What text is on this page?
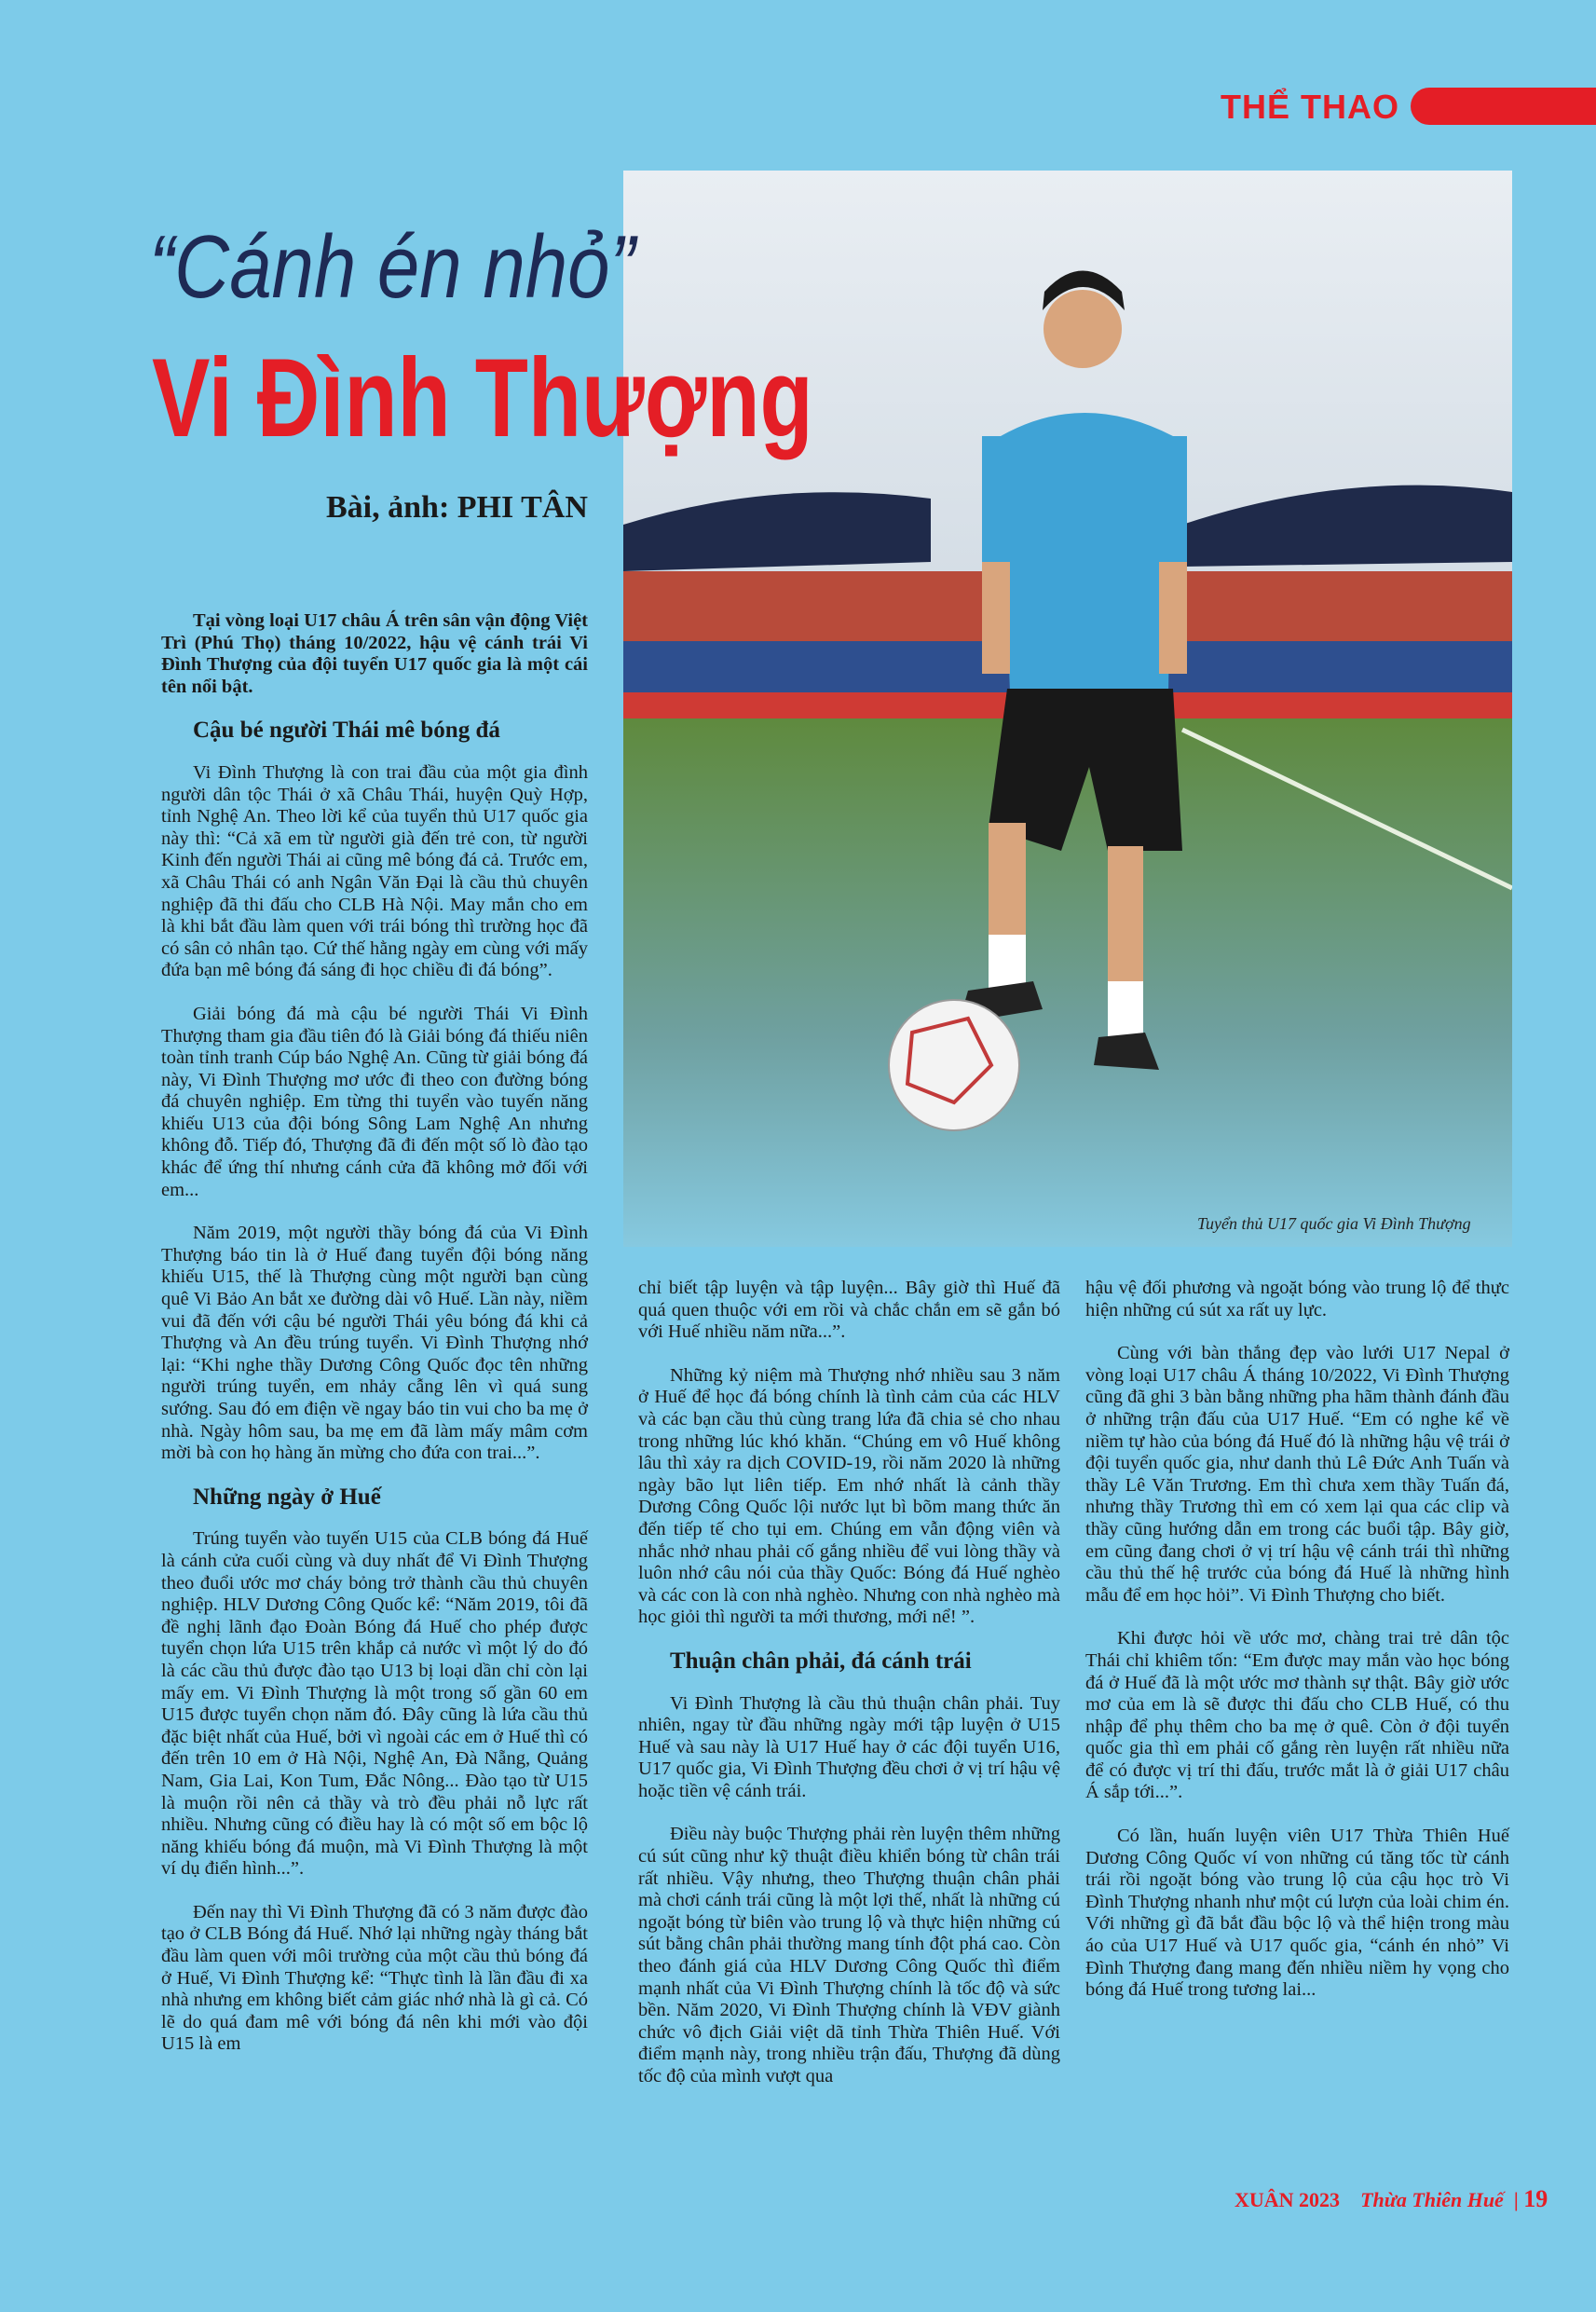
THỂ THAO
Tuyển thủ U17 quốc gia Vi Đình Thượng
“Cánh én nhỏ”
Vi Đình Thượng
Bài, ảnh: PHI TÂN

Tại vòng loại U17 châu Á trên sân vận động Việt Trì (Phú Thọ) tháng 10/2022, hậu vệ cánh trái Vi Đình Thượng của đội tuyển U17 quốc gia là một cái tên nổi bật.

Cậu bé người Thái mê bóng đá

Vi Đình Thượng là con trai đầu của một gia đình người dân tộc Thái ở xã Châu Thái, huyện Quỳ Hợp, tỉnh Nghệ An. Theo lời kể của tuyển thủ U17 quốc gia này thì: “Cả xã em từ người già đến trẻ con, từ người Kinh đến người Thái ai cũng mê bóng đá cả. Trước em, xã Châu Thái có anh Ngân Văn Đại là cầu thủ chuyên nghiệp đã thi đấu cho CLB Hà Nội. May mắn cho em là khi bắt đầu làm quen với trái bóng thì trường học đã có sân cỏ nhân tạo. Cứ thế hằng ngày em cùng với mấy đứa bạn mê bóng đá sáng đi học chiều đi đá bóng”.

Giải bóng đá mà cậu bé người Thái Vi Đình Thượng tham gia đầu tiên đó là Giải bóng đá thiếu niên toàn tỉnh tranh Cúp báo Nghệ An. Cũng từ giải bóng đá này, Vi Đình Thượng mơ ước đi theo con đường bóng đá chuyên nghiệp. Em từng thi tuyển vào tuyến năng khiếu U13 của đội bóng Sông Lam Nghệ An nhưng không đỗ. Tiếp đó, Thượng đã đi đến một số lò đào tạo khác để ứng thí nhưng cánh cửa đã không mở đối với em...

Năm 2019, một người thầy bóng đá của Vi Đình Thượng báo tin là ở Huế đang tuyển đội bóng năng khiếu U15, thế là Thượng cùng một người bạn cùng quê Vi Bảo An bắt xe đường dài vô Huế. Lần này, niềm vui đã đến với cậu bé người Thái yêu bóng đá khi cả Thượng và An đều trúng tuyển. Vi Đình Thượng nhớ lại: “Khi nghe thầy Dương Công Quốc đọc tên những người trúng tuyển, em nhảy cẫng lên vì quá sung sướng. Sau đó em điện về ngay báo tin vui cho ba mẹ ở nhà. Ngày hôm sau, ba mẹ em đã làm mấy mâm cơm mời bà con họ hàng ăn mừng cho đứa con trai...”.

Những ngày ở Huế

Trúng tuyển vào tuyến U15 của CLB bóng đá Huế là cánh cửa cuối cùng và duy nhất để Vi Đình Thượng theo đuổi ước mơ cháy bỏng trở thành cầu thủ chuyên nghiệp. HLV Dương Công Quốc kể: “Năm 2019, tôi đã đề nghị lãnh đạo Đoàn Bóng đá Huế cho phép được tuyển chọn lứa U15 trên khắp cả nước vì một lý do đó là các cầu thủ được đào tạo U13 bị loại dần chỉ còn lại mấy em. Vi Đình Thượng là một trong số gần 60 em U15 được tuyển chọn năm đó. Đây cũng là lứa cầu thủ đặc biệt nhất của Huế, bởi vì ngoài các em ở Huế thì có đến trên 10 em ở Hà Nội, Nghệ An, Đà Nẵng, Quảng Nam, Gia Lai, Kon Tum, Đắc Nông... Đào tạo từ U15 là muộn rồi nên cả thầy và trò đều phải nỗ lực rất nhiều. Nhưng cũng có điều hay là có một số em bộc lộ năng khiếu bóng đá muộn, mà Vi Đình Thượng là một ví dụ điển hình...”.

Đến nay thì Vi Đình Thượng đã có 3 năm được đào tạo ở CLB Bóng đá Huế. Nhớ lại những ngày tháng bắt đầu làm quen với môi trường của một cầu thủ bóng đá ở Huế, Vi Đình Thượng kể: “Thực tình là lần đầu đi xa nhà nhưng em không biết cảm giác nhớ nhà là gì cả. Có lẽ do quá đam mê với bóng đá nên khi mới vào đội U15 là em

chỉ biết tập luyện và tập luyện... Bây giờ thì Huế đã quá quen thuộc với em rồi và chắc chắn em sẽ gắn bó với Huế nhiều năm nữa...”.

Những kỷ niệm mà Thượng nhớ nhiều sau 3 năm ở Huế để học đá bóng chính là tình cảm của các HLV và các bạn cầu thủ cùng trang lứa đã chia sẻ cho nhau trong những lúc khó khăn. “Chúng em vô Huế không lâu thì xảy ra dịch COVID-19, rồi năm 2020 là những ngày bão lụt liên tiếp. Em nhớ nhất là cảnh thầy Dương Công Quốc lội nước lụt bì bõm mang thức ăn đến tiếp tế cho tụi em. Chúng em vẫn động viên và nhắc nhở nhau phải cố gắng nhiều để vui lòng thầy và luôn nhớ câu nói của thầy Quốc: Bóng đá Huế nghèo và các con là con nhà nghèo. Nhưng con nhà nghèo mà học giỏi thì người ta mới thương, mới nể! ”.

Thuận chân phải, đá cánh trái

Vi Đình Thượng là cầu thủ thuận chân phải. Tuy nhiên, ngay từ đầu những ngày mới tập luyện ở U15 Huế và sau này là U17 Huế hay ở các đội tuyển U16, U17 quốc gia, Vi Đình Thượng đều chơi ở vị trí hậu vệ hoặc tiền vệ cánh trái.

Điều này buộc Thượng phải rèn luyện thêm những cú sút cũng như kỹ thuật điều khiển bóng từ chân trái rất nhiều. Vậy nhưng, theo Thượng thuận chân phải mà chơi cánh trái cũng là một lợi thế, nhất là những cú ngoặt bóng từ biên vào trung lộ và thực hiện những cú sút bằng chân phải thường mang tính đột phá cao. Còn theo đánh giá của HLV Dương Công Quốc thì điểm mạnh nhất của Vi Đình Thượng chính là tốc độ và sức bền. Năm 2020, Vi Đình Thượng chính là VĐV giành chức vô địch Giải việt dã tỉnh Thừa Thiên Huế. Với điểm mạnh này, trong nhiều trận đấu, Thượng đã dùng tốc độ của mình vượt qua

hậu vệ đối phương và ngoặt bóng vào trung lộ để thực hiện những cú sút xa rất uy lực.

Cùng với bàn thắng đẹp vào lưới U17 Nepal ở vòng loại U17 châu Á tháng 10/2022, Vi Đình Thượng cũng đã ghi 3 bàn bằng những pha hãm thành đánh đầu ở những trận đấu của U17 Huế. “Em có nghe kể về niềm tự hào của bóng đá Huế đó là những hậu vệ trái ở đội tuyển quốc gia, như danh thủ Lê Đức Anh Tuấn và thầy Lê Văn Trương. Em thì chưa xem thầy Tuấn đá, nhưng thầy Trương thì em có xem lại qua các clip và thầy cũng hướng dẫn em trong các buổi tập. Bây giờ, em cũng đang chơi ở vị trí hậu vệ cánh trái thì những cầu thủ thế hệ trước của bóng đá Huế là những hình mẫu để em học hỏi”. Vi Đình Thượng cho biết.

Khi được hỏi về ước mơ, chàng trai trẻ dân tộc Thái chỉ khiêm tốn: “Em được may mắn vào học bóng đá ở Huế đã là một ước mơ thành sự thật. Bây giờ ước mơ của em là sẽ được thi đấu cho CLB Huế, có thu nhập để phụ thêm cho ba mẹ ở quê. Còn ở đội tuyển quốc gia thì em phải cố gắng rèn luyện rất nhiều nữa để có được vị trí thi đấu, trước mắt là ở giải U17 châu Á sắp tới...”.

Có lần, huấn luyện viên U17 Thừa Thiên Huế Dương Công Quốc ví von những cú tăng tốc từ cánh trái rồi ngoặt bóng vào trung lộ của cậu học trò Vi Đình Thượng nhanh như một cú lượn của loài chim én. Với những gì đã bắt đầu bộc lộ và thể hiện trong màu áo của U17 Huế và U17 quốc gia, “cánh én nhỏ” Vi Đình Thượng đang mang đến nhiều niềm hy vọng cho bóng đá Huế trong tương lai...

XUÂN 2023 Thừa Thiên Huế  | 19
